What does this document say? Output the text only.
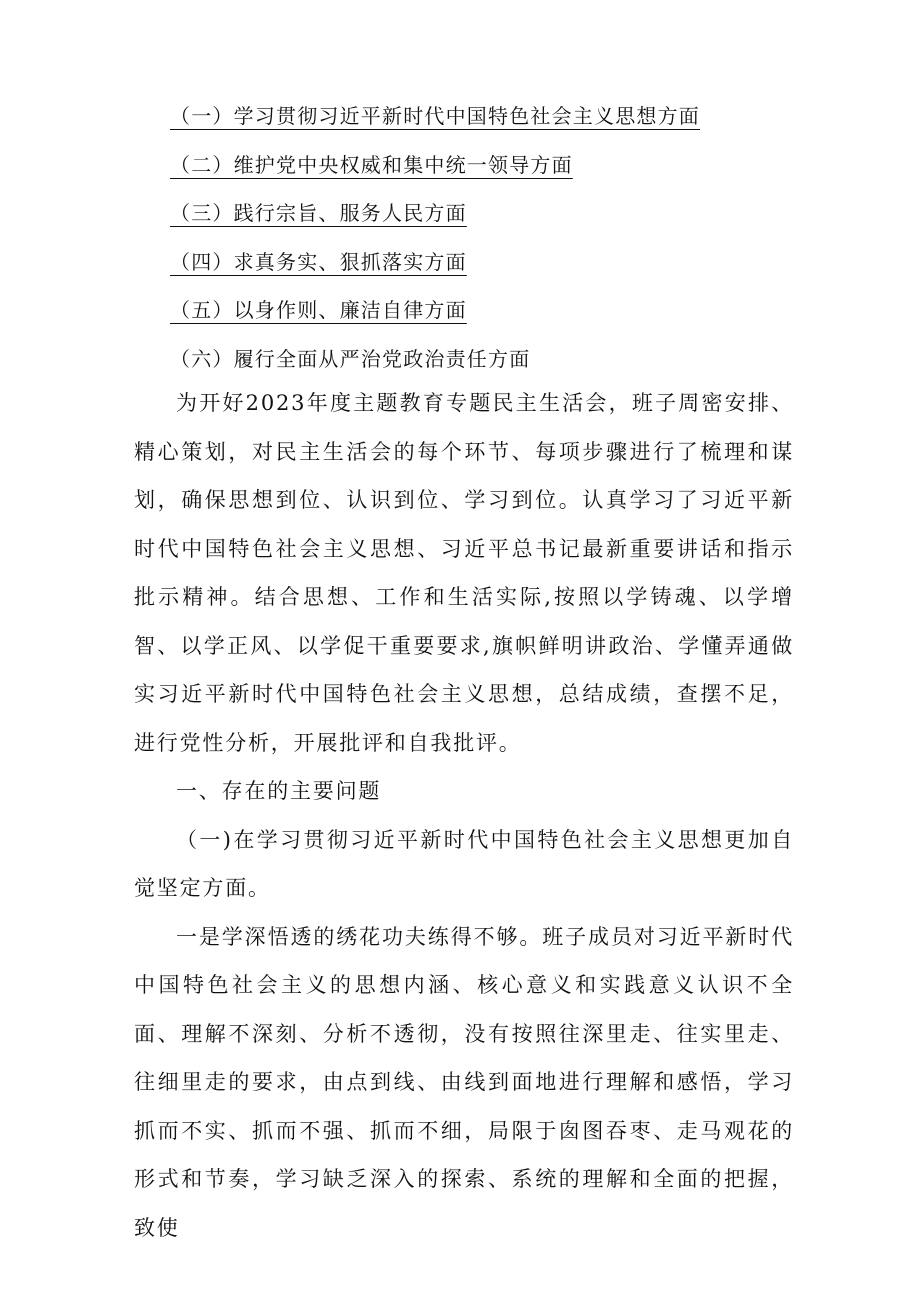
（一）学习贯彻习近平新时代中国特色社会主义思想方面
（二）维护党中央权威和集中统一领导方面
（三）践行宗旨、服务人民方面
（四）求真务实、狠抓落实方面
（五）以身作则、廉洁自律方面
（六）履行全面从严治党政治责任方面

为开好2023年度主题教育专题民主生活会，班子周密安排、精心策划，对民主生活会的每个环节、每项步骤进行了梳理和谋划，确保思想到位、认识到位、学习到位。认真学习了习近平新时代中国特色社会主义思想、习近平总书记最新重要讲话和指示批示精神。结合思想、工作和生活实际,按照以学铸魂、以学增智、以学正风、以学促干重要要求,旗帜鲜明讲政治、学懂弄通做实习近平新时代中国特色社会主义思想，总结成绩，查摆不足，进行党性分析，开展批评和自我批评。

一、存在的主要问题

（一)在学习贯彻习近平新时代中国特色社会主义思想更加自觉坚定方面。

一是学深悟透的绣花功夫练得不够。班子成员对习近平新时代中国特色社会主义的思想内涵、核心意义和实践意义认识不全面、理解不深刻、分析不透彻，没有按照往深里走、往实里走、往细里走的要求，由点到线、由线到面地进行理解和感悟，学习抓而不实、抓而不强、抓而不细，局限于囱图吞枣、走马观花的形式和节奏，学习缺乏深入的探索、系统的理解和全面的把握，致使
